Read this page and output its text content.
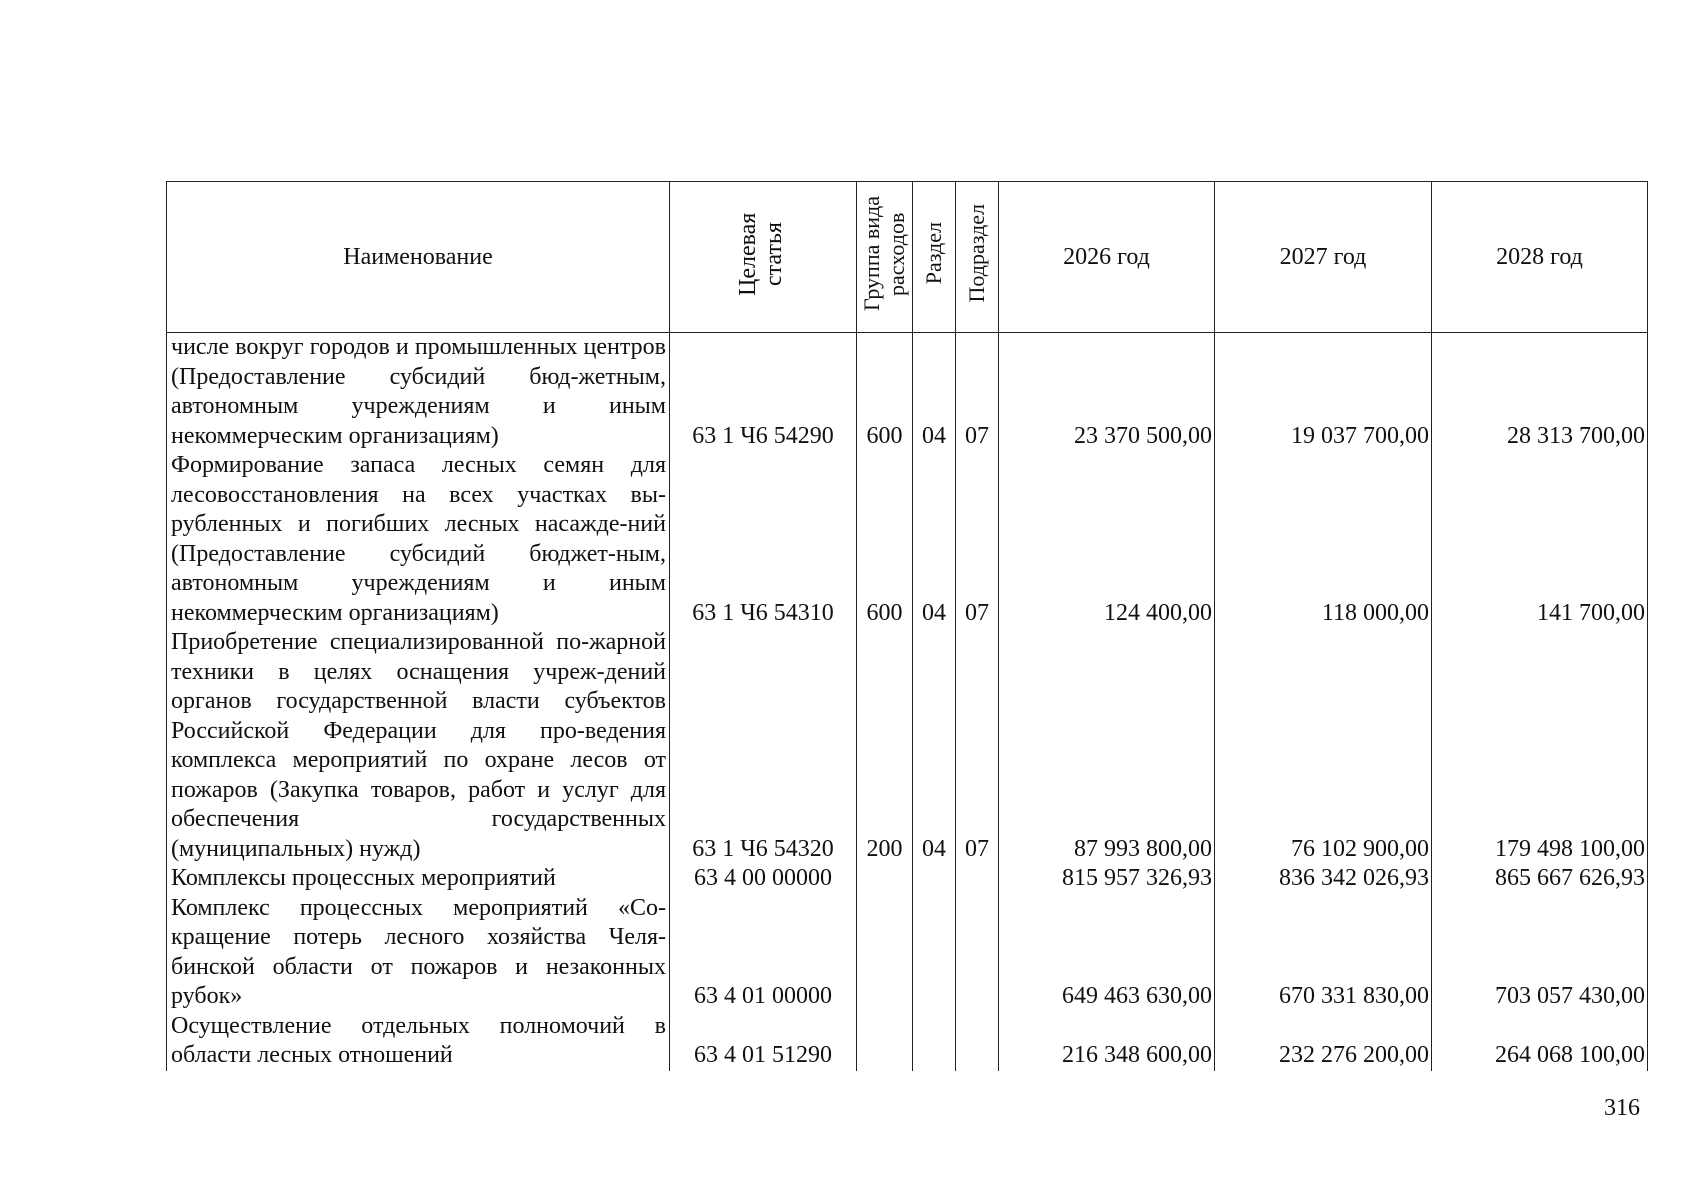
Наименование	Целевая статья	Группа вида расходов	Раздел	Подраздел	2026 год	2027 год	2028 год
числе вокруг городов и промышленных центров (Предоставление субсидий бюд-жетным, автономным учреждениям и иным некоммерческим организациям)	63 1 Ч6 54290	600	04	07	23 370 500,00	19 037 700,00	28 313 700,00
Формирование запаса лесных семян для лесовосстановления на всех участках вы-рубленных и погибших лесных насажде-ний (Предоставление субсидий бюджет-ным, автономным учреждениям и иным некоммерческим организациям)	63 1 Ч6 54310	600	04	07	124 400,00	118 000,00	141 700,00
Приобретение специализированной по-жарной техники в целях оснащения учреж-дений органов государственной власти субъектов Российской Федерации для про-ведения комплекса мероприятий по охране лесов от пожаров (Закупка товаров, работ и услуг для обеспечения государственных (муниципальных) нужд)	63 1 Ч6 54320	200	04	07	87 993 800,00	76 102 900,00	179 498 100,00
Комплексы процессных мероприятий	63 4 00 00000				815 957 326,93	836 342 026,93	865 667 626,93
Комплекс процессных мероприятий «Со-кращение потерь лесного хозяйства Челя-бинской области от пожаров и незаконных рубок»	63 4 01 00000				649 463 630,00	670 331 830,00	703 057 430,00
Осуществление отдельных полномочий в области лесных отношений	63 4 01 51290				216 348 600,00	232 276 200,00	264 068 100,00
316
